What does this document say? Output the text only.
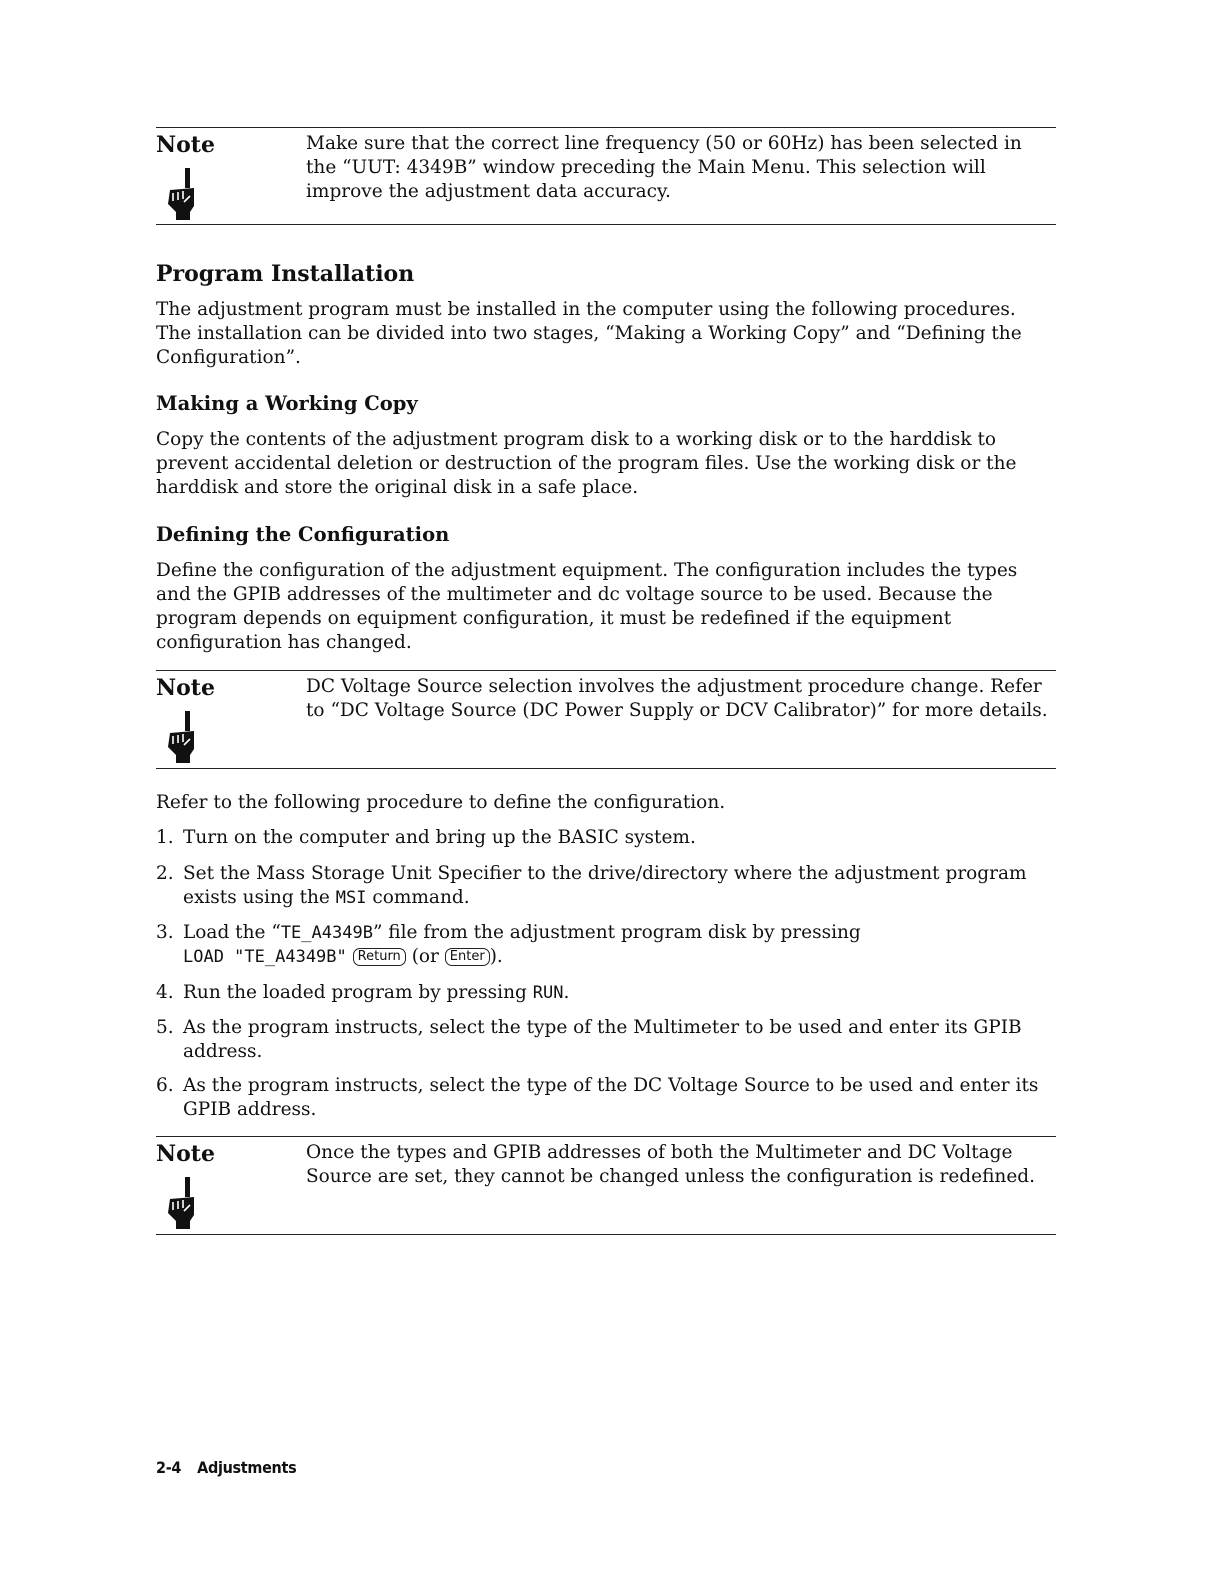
Note	Make sure that the correct line frequency (50 or 60Hz) has been selected in the “UUT: 4349B” window preceding the Main Menu. This selection will improve the adjustment data accuracy.
Program Installation

The adjustment program must be installed in the computer using the following procedures. The installation can be divided into two stages, “Making a Working Copy” and “Defining the Configuration”.

Making a Working Copy

Copy the contents of the adjustment program disk to a working disk or to the harddisk to prevent accidental deletion or destruction of the program files. Use the working disk or the harddisk and store the original disk in a safe place.

Defining the Configuration

Define the configuration of the adjustment equipment. The configuration includes the types and the GPIB addresses of the multimeter and dc voltage source to be used. Because the program depends on equipment configuration, it must be redefined if the equipment configuration has changed.

Note	DC Voltage Source selection involves the adjustment procedure change. Refer to “DC Voltage Source (DC Power Supply or DCV Calibrator)” for more details.

Refer to the following procedure to define the configuration.

1. Turn on the computer and bring up the BASIC system.
2. Set the Mass Storage Unit Specifier to the drive/directory where the adjustment program exists using the MSI command.
3. Load the “TE_A4349B” file from the adjustment program disk by pressing
LOAD "TE_A4349B" Return (or Enter ).
4. Run the loaded program by pressing RUN.
5. As the program instructs, select the type of the Multimeter to be used and enter its GPIB address.
6. As the program instructs, select the type of the DC Voltage Source to be used and enter its GPIB address.
Note	Once the types and GPIB addresses of both the Multimeter and DC Voltage Source are set, they cannot be changed unless the configuration is redefined.
2-4 Adjustments
